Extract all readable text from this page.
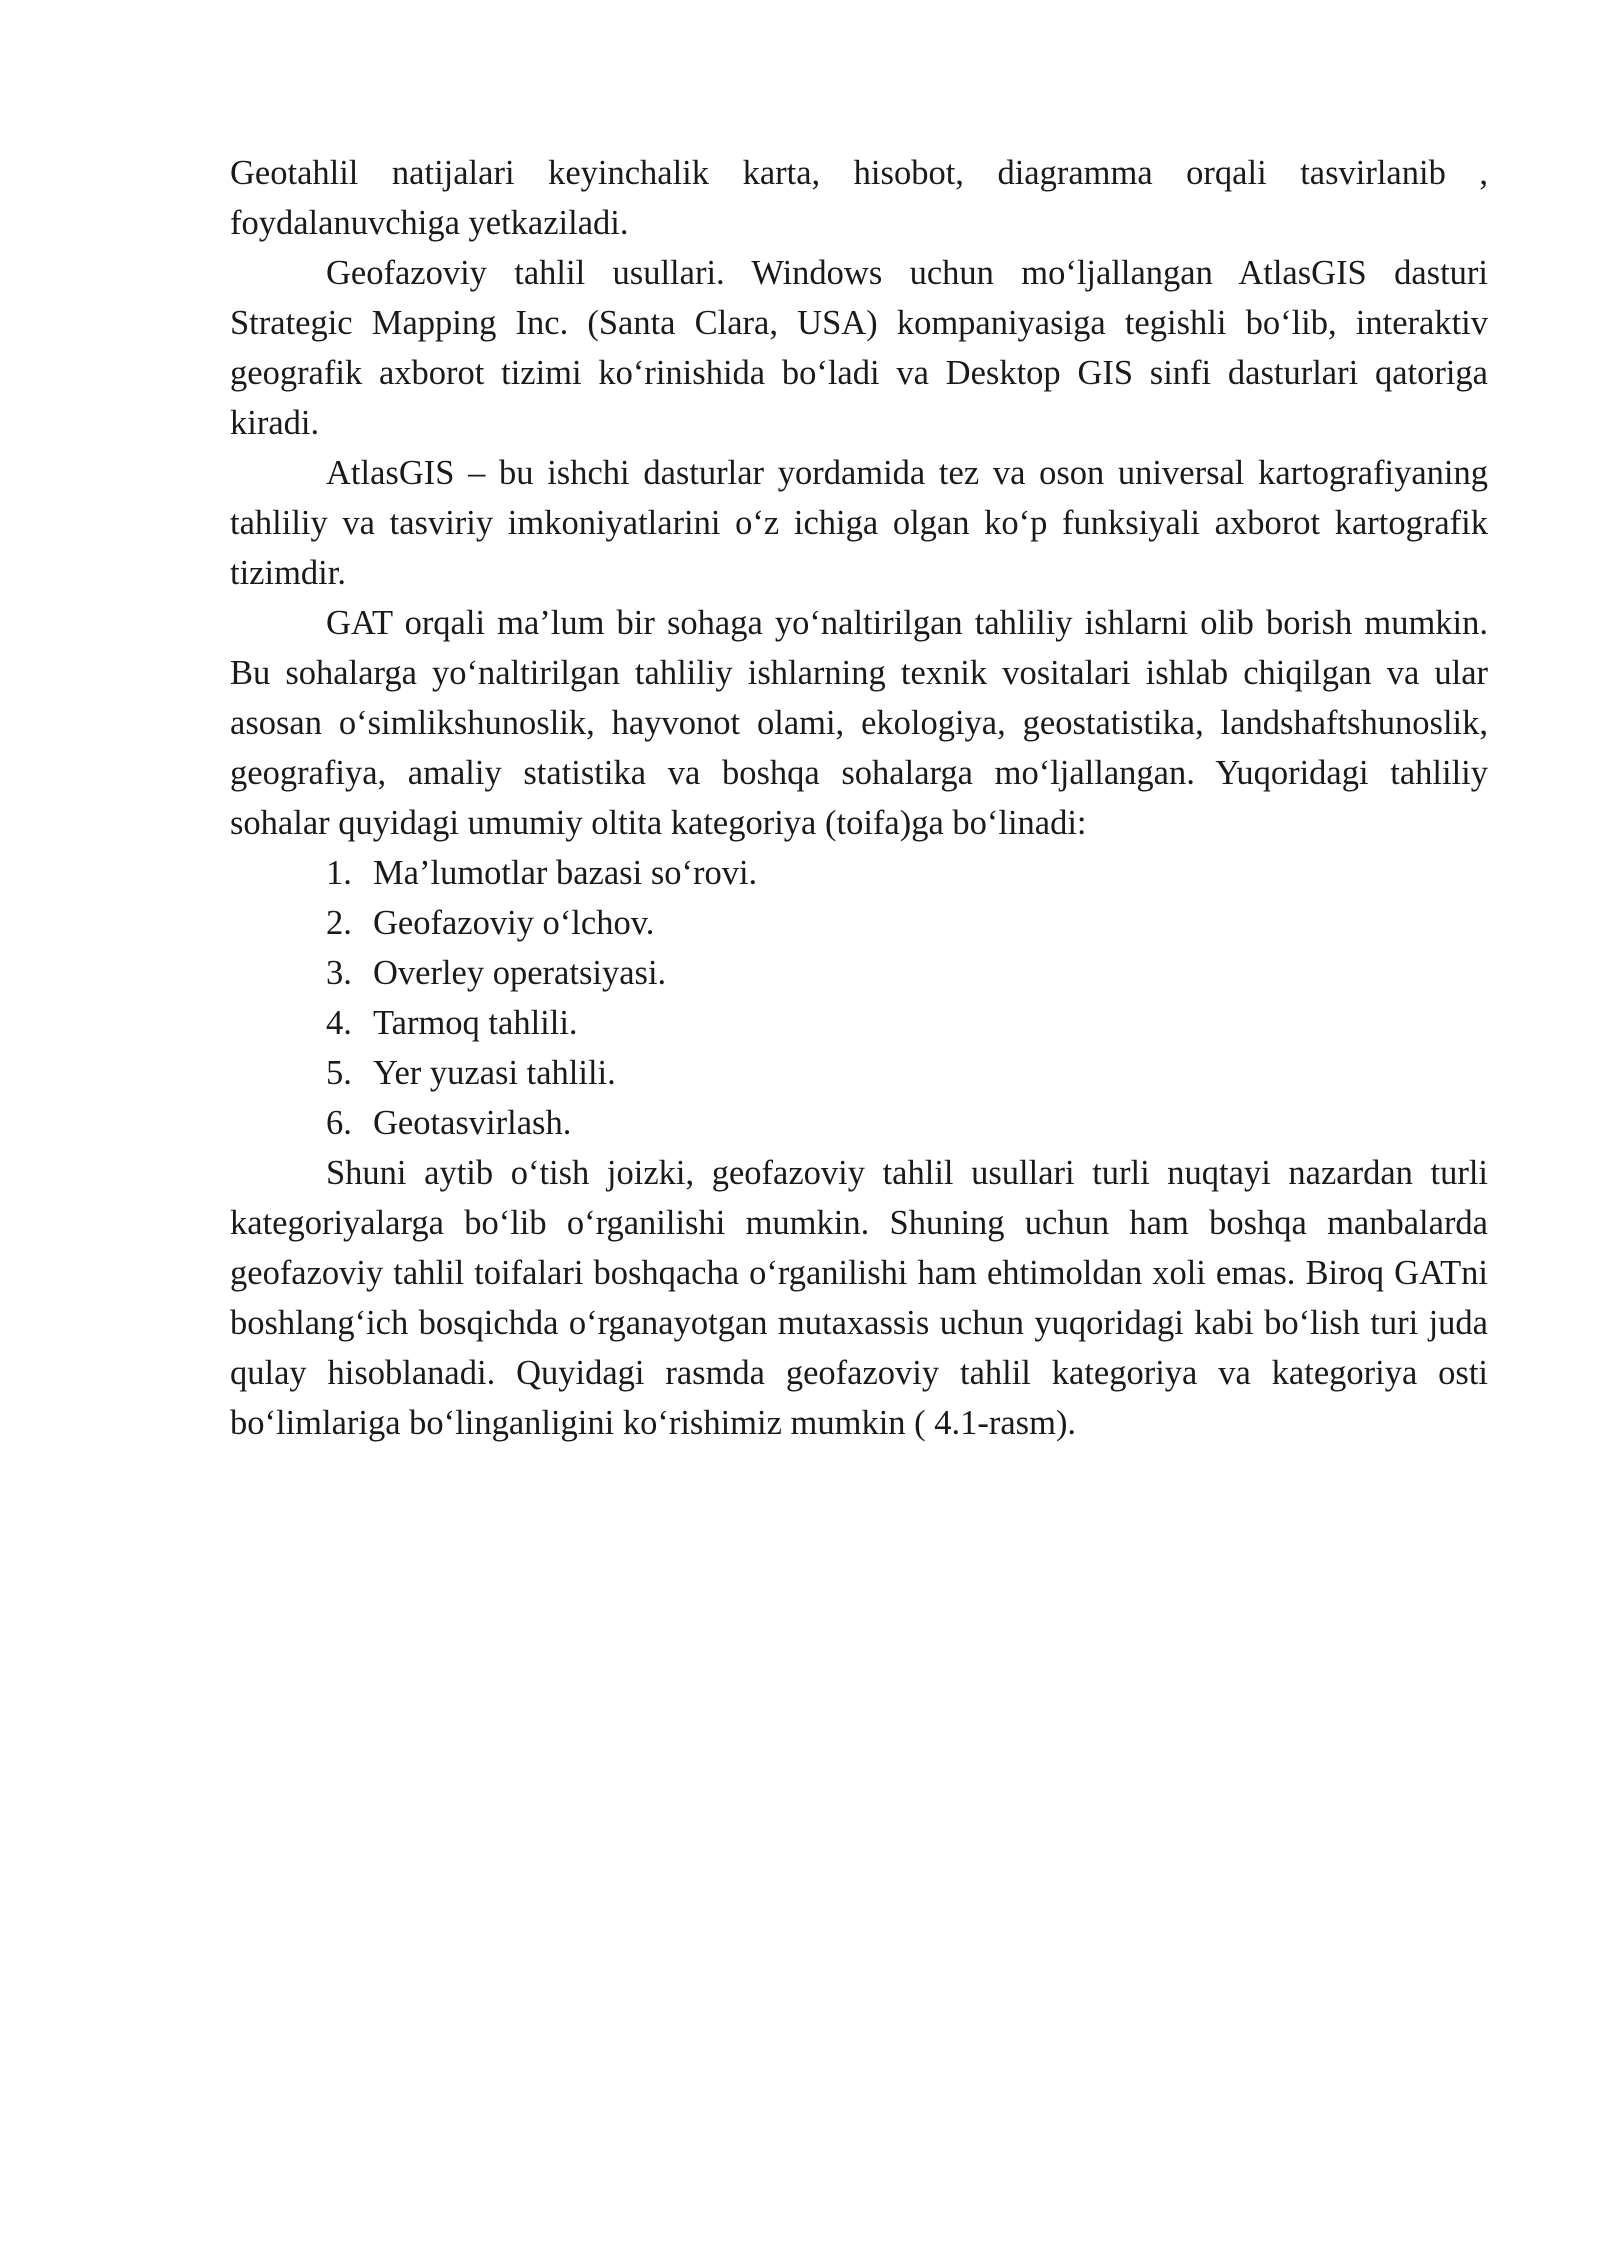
Geotahlil natijalari keyinchalik karta, hisobot, diagramma orqali tasvirlanib , foydalanuvchiga yetkaziladi.

Geofazoviy tahlil usullari. Windows uchun mo‘ljallangan AtlasGIS dasturi Strategic Mapping Inc. (Santa Clara, USA) kompaniyasiga tegishli bo‘lib, interaktiv geografik axborot tizimi ko‘rinishida bo‘ladi va Desktop GIS sinfi dasturlari qatoriga kiradi.

AtlasGIS – bu ishchi dasturlar yordamida tez va oson universal kartografiyaning tahliliy va tasviriy imkoniyatlarini o‘z ichiga olgan ko‘p funksiyali axborot kartografik tizimdir.

GAT orqali ma’lum bir sohaga yo‘naltirilgan tahliliy ishlarni olib borish mumkin. Bu sohalarga yo‘naltirilgan tahliliy ishlarning texnik vositalari ishlab chiqilgan va ular asosan o‘simlikshunoslik, hayvonot olami, ekologiya, geostatistika, landshaftshunoslik, geografiya, amaliy statistika va boshqa sohalarga mo‘ljallangan. Yuqoridagi tahliliy sohalar quyidagi umumiy oltita kategoriya (toifa)ga bo‘linadi:

1. Ma’lumotlar bazasi so‘rovi.
2. Geofazoviy o‘lchov.
3. Overley operatsiyasi.
4. Tarmoq tahlili.
5. Yer yuzasi tahlili.
6. Geotasvirlash.

Shuni aytib o‘tish joizki, geofazoviy tahlil usullari turli nuqtayi nazardan turli kategoriyalarga bo‘lib o‘rganilishi mumkin. Shuning uchun ham boshqa manbalarda geofazoviy tahlil toifalari boshqacha o‘rganilishi ham ehtimoldan xoli emas. Biroq GATni boshlang‘ich bosqichda o‘rganayotgan mutaxassis uchun yuqoridagi kabi bo‘lish turi juda qulay hisoblanadi. Quyidagi rasmda geofazoviy tahlil kategoriya va kategoriya osti bo‘limlariga bo‘linganligini ko‘rishimiz mumkin ( 4.1-rasm).
